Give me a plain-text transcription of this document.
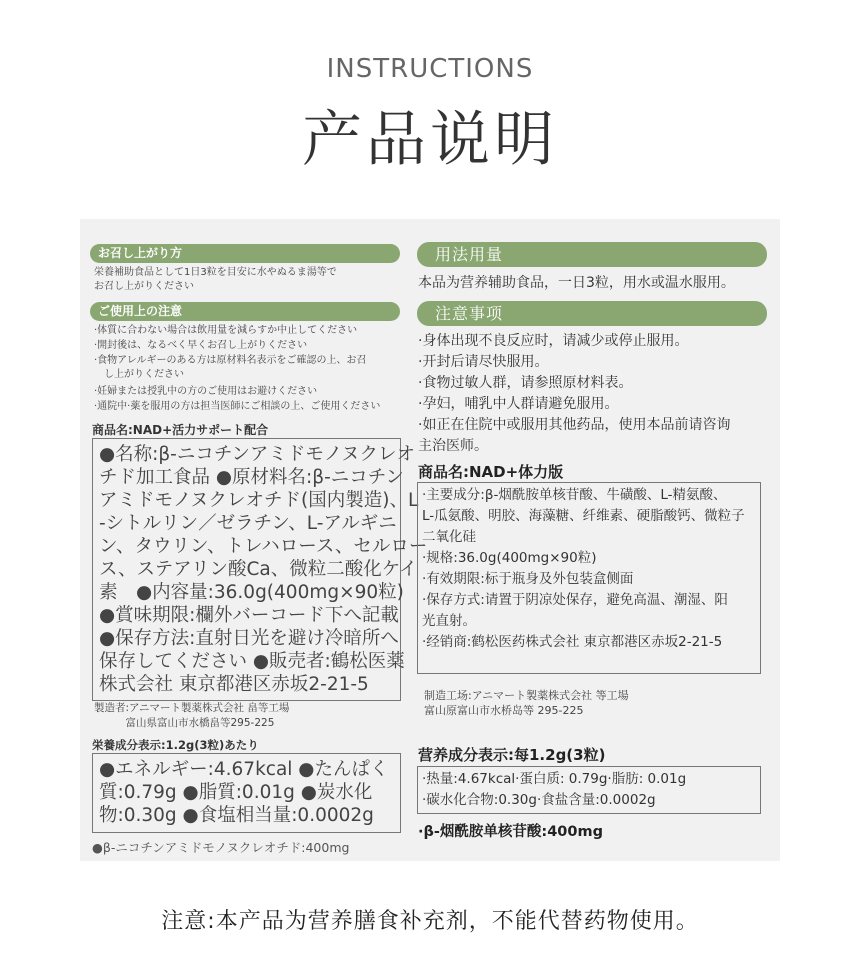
INSTRUCTIONS
产品说明
お召し上がり方
栄養補助食品として1日3粒を目安に水やぬるま湯等で
お召し上がりください
ご使用上の注意
·体質に合わない場合は飲用量を減らすか中止してください
·開封後は、なるべく早くお召し上がりください
·食物アレルギーのある方は原材料名表示をご確認の上、お召
　し上がりください
·妊婦または授乳中の方のご使用はお避けください
·通院中·薬を服用の方は担当医師にご相談の上、ご使用ください
商品名:NAD+活力サポート配合
●名称:β-ニコチンアミドモノヌクレオ
チド加工食品 ●原材料名:β-ニコチン
アミドモノヌクレオチド(国内製造)、L
-シトルリン／ゼラチン、L-アルギニ
ン、タウリン、トレハロース、セルロー
ス、ステアリン酸Ca、微粒二酸化ケイ
素　●内容量:36.0g(400mg×90粒)
●賞味期限:欄外バーコード下へ記載
●保存方法:直射日光を避け冷暗所へ
保存してください ●販売者:鶴松医薬
株式会社 東京都港区赤坂2-21-5
製造者:アニマート製薬株式会社 畠等工場
　　　富山県富山市水橋畠等295-225
栄養成分表示:1.2g(3粒)あたり
●エネルギー:4.67kcal ●たんぱく
質:0.79g ●脂質:0.01g ●炭水化
物:0.30g ●食塩相当量:0.0002g
●β-ニコチンアミドモノヌクレオチド:400mg
用法用量
本品为营养辅助食品，一日3粒，用水或温水服用。
注意事项
·身体出现不良反应时，请减少或停止服用。
·开封后请尽快服用。
·食物过敏人群，请参照原材料表。
·孕妇，哺乳中人群请避免服用。
·如正在住院中或服用其他药品，使用本品前请咨询
主治医师。
商品名:NAD+体力版
·主要成分:β-烟酰胺单核苷酸、牛磺酸、L-精氨酸、
L-瓜氨酸、明胶、海藻糖、纤维素、硬脂酸钙、微粒子
二氧化硅
·规格:36.0g(400mg×90粒)
·有效期限:标于瓶身及外包装盒侧面
·保存方式:请置于阴凉处保存，避免高温、潮湿、阳
光直射。
·经销商:鹤松医药株式会社 東京都港区赤坂2-21-5
制造工场:アニマート製薬株式会社 等工場
富山原富山市水桥岛等 295-225
营养成分表示:每1.2g(3粒)
·热量:4.67kcal·蛋白质: 0.79g·脂肪: 0.01g
·碳水化合物:0.30g·食盐含量:0.0002g
·β-烟酰胺单核苷酸:400mg
注意:本产品为营养膳食补充剂，不能代替药物使用。
